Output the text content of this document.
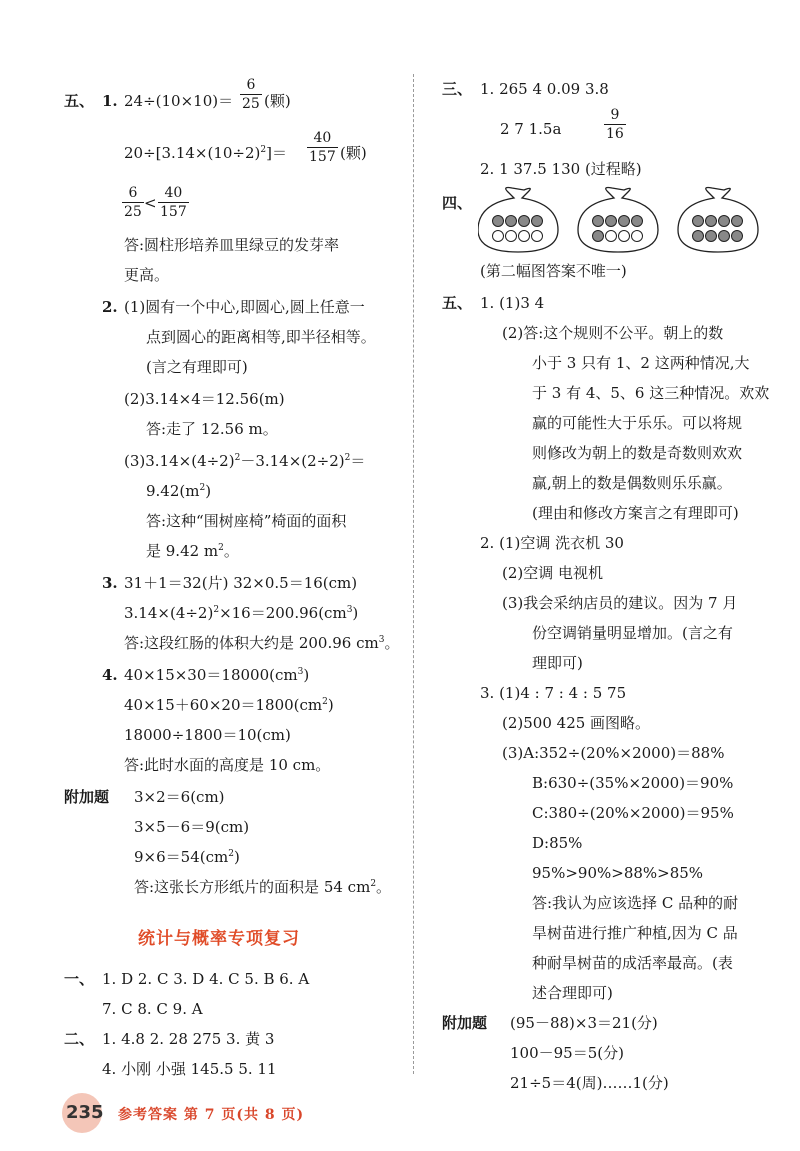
五、 1. 24÷(10×10)＝
6
25 (颗)
$20\div[3.14\times(10\div 2)^2]=$
40
157 (颗)
6
25 <
40
157
答:圆柱形培养皿里绿豆的发芽率
更高。
2. (1)圆有一个中心,即圆心,圆上任意一
点到圆心的距离相等,即半径相等。
(言之有理即可)
(2)3.14×4＝12.56(m)
答:走了 12.56 m。
$(3)3.14\times(4\div 2)^2-3.14\times(2\div 2)^2=$
$9.42(m^2)$
答:这种“围树座椅”椅面的面积
是 9.42 $m^2$。
3. 31＋1＝32(片) 32×0.5＝16(cm)
$3.14\times(4\div 2)^2\times 16=200.96(cm^3)$
答:这段红肠的体积大约是 200.96 $cm^3$。
4. $40\times 15\times 30=18000(cm^3)$
$40\times 15+60\times 20=1800(cm^2)$
18000÷1800＝10(cm)
答:此时水面的高度是 10 cm。
附加题 3×2＝6(cm)
3×5－6＝9(cm)
$9\times 6=54(cm^2)$
答:这张长方形纸片的面积是 54 $cm^2$。
统计与概率专项复习
一、 1. D 2. C 3. D 4. C 5. B 6. A
7. C 8. C 9. A
二、 1. 4.8 2. 28 275 3. 黄 3
4. 小刚 小强 145.5 5. 11
三、 1. 265 4 0.09 3.8
2 7 1.5a
9
16
2. 1 37.5 130 (过程略)
四、
(第二幅图答案不唯一)
五、 1. (1)3 4
(2)答:这个规则不公平。朝上的数
小于 3 只有 1、2 这两种情况,大
于 3 有 4、5、6 这三种情况。欢欢
赢的可能性大于乐乐。可以将规
则修改为朝上的数是奇数则欢欢
赢,朝上的数是偶数则乐乐赢。
(理由和修改方案言之有理即可)
2. (1)空调 洗衣机 30
(2)空调 电视机
(3)我会采纳店员的建议。因为 7 月
份空调销量明显增加。(言之有
理即可)
3. (1)4 : 7 : 4 : 5 75
(2)500 425 画图略。
(3)A:352÷(20%×2000)＝88%
B:630÷(35%×2000)＝90%
C:380÷(20%×2000)＝95%
D:85%
95%>90%>88%>85%
答:我认为应该选择 C 品种的耐
旱树苗进行推广种植,因为 C 品
种耐旱树苗的成活率最高。(表
述合理即可)
附加题 (95－88)×3＝21(分)
100－95＝5(分)
21÷5＝4(周)……1(分)
235 参考答案 第 7 页(共 8 页)
